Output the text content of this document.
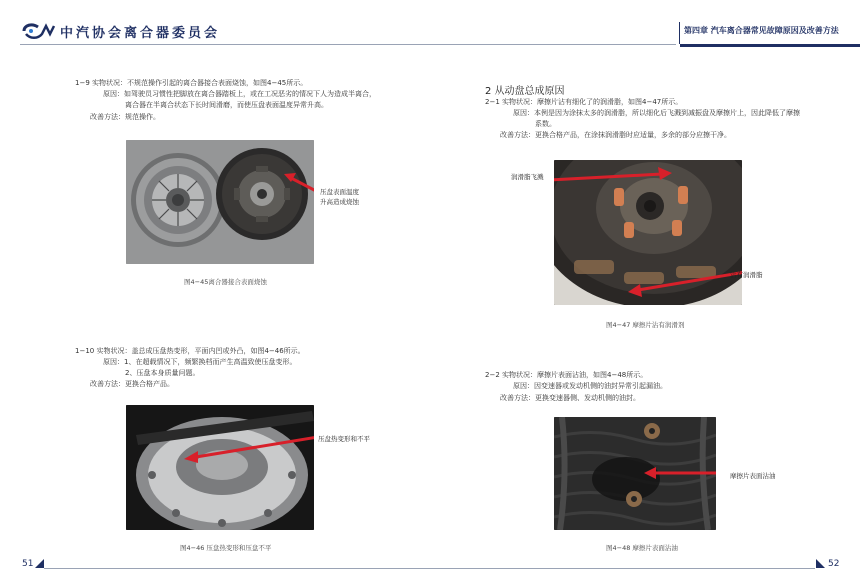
中汽协会离合器委员会	第四章 汽车离合器常见故障原因及改善方法
1−9 实物状况：不规范操作引起的离合器接合表面烧蚀，如图4−45所示。
原因：如驾驶员习惯性把脚放在离合器踏板上，或在工况恶劣的情况下人为造成半离合，
离合器在半离合状态下长时间滑磨，而使压盘表面温度异常升高。
改善方法：规范操作。
压盘表面温度
升高造成烧蚀
图4−45离合器接合表面烧蚀
1−10 实物状况：盖总成压盘热变形，平面内凹或外凸，如图4−46所示。
原因：1、在超载情况下，频繁换档而产生高温致使压盘变形。
2、压盘本身质量问题。
改善方法：更换合格产品。
压盘热变形和不平
图4−46 压盘热变形和压盘不平
51
2 从动盘总成原因
2−1 实物状况：摩擦片沾有细化了的润滑脂，如图4−47所示。
原因：本例是因为涂抹太多的润滑脂，所以细化后飞溅到减振盘及摩擦片上，因此降低了摩擦
系数。
改善方法：更换合格产品，在涂抹润滑脂时应适量，多余的部分应擦干净。
润滑脂飞溅
沾有润滑脂
图4−47 摩擦片沾有润滑剂
2−2 实物状况：摩擦片表面沾油，如图4−48所示。
原因：因变速器或发动机侧的油封异常引起漏油。
改善方法：更换变速器侧、发动机侧的油封。
摩擦片表面沾油
图4−48 摩擦片表面沾油
52
